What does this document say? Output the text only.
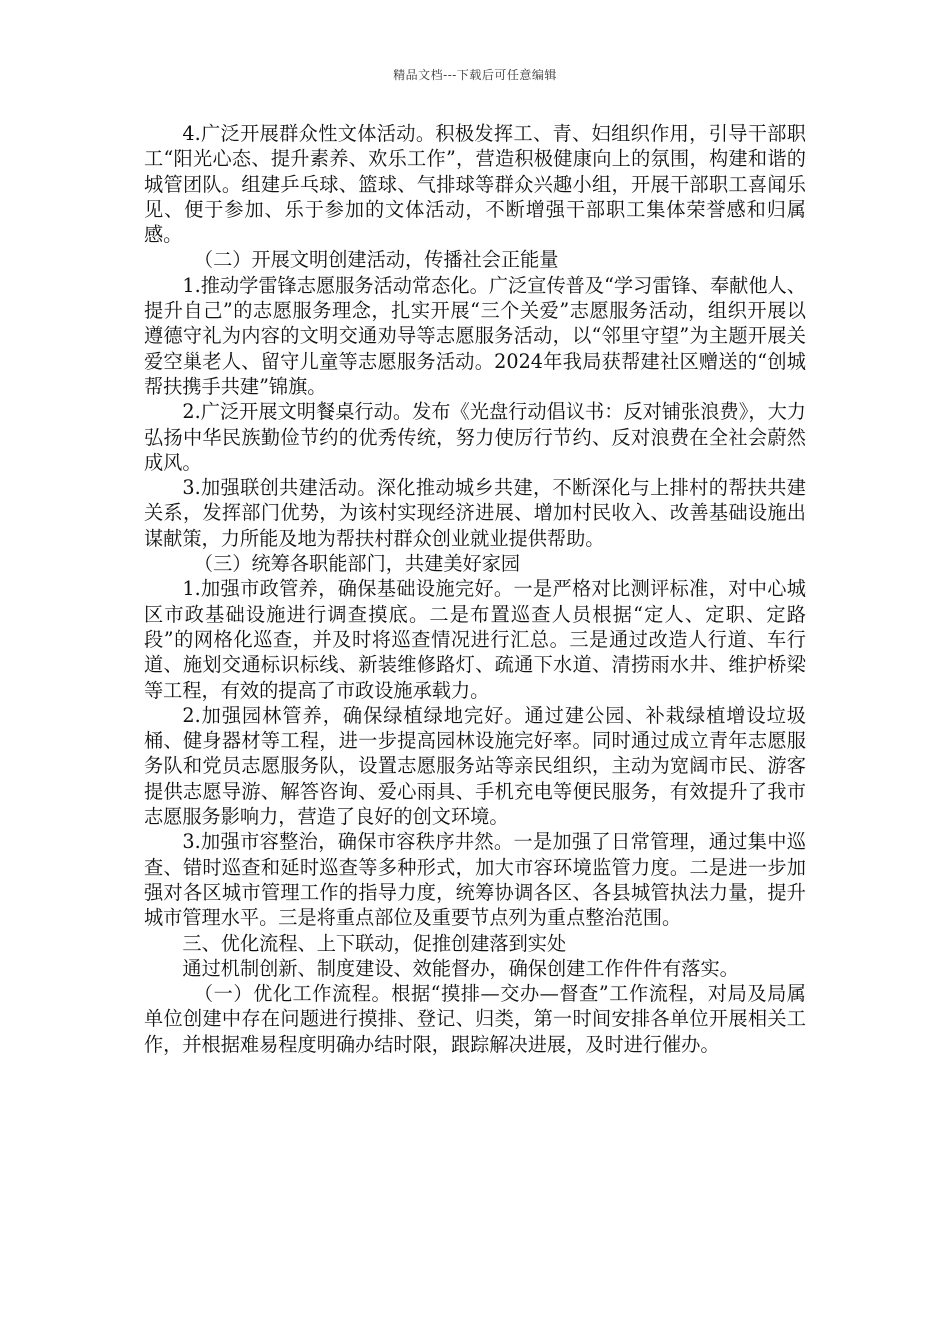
精品文档---下载后可任意编辑

4.广泛开展群众性文体活动。积极发挥工、青、妇组织作用，引导干部职工“阳光心态、提升素养、欢乐工作”，营造积极健康向上的氛围，构建和谐的城管团队。组建乒乓球、篮球、气排球等群众兴趣小组，开展干部职工喜闻乐见、便于参加、乐于参加的文体活动，不断增强干部职工集体荣誉感和归属感。

（二）开展文明创建活动，传播社会正能量

1.推动学雷锋志愿服务活动常态化。广泛宣传普及“学习雷锋、奉献他人、提升自己”的志愿服务理念，扎实开展“三个关爱”志愿服务活动，组织开展以遵德守礼为内容的文明交通劝导等志愿服务活动，以“邻里守望”为主题开展关爱空巢老人、留守儿童等志愿服务活动。2024年我局获帮建社区赠送的“创城帮扶携手共建”锦旗。

2.广泛开展文明餐桌行动。发布《光盘行动倡议书：反对铺张浪费》，大力弘扬中华民族勤俭节约的优秀传统，努力使厉行节约、反对浪费在全社会蔚然成风。

3.加强联创共建活动。深化推动城乡共建，不断深化与上排村的帮扶共建关系，发挥部门优势，为该村实现经济进展、增加村民收入、改善基础设施出谋献策，力所能及地为帮扶村群众创业就业提供帮助。

（三）统筹各职能部门，共建美好家园

1.加强市政管养，确保基础设施完好。一是严格对比测评标准，对中心城区市政基础设施进行调查摸底。二是布置巡查人员根据“定人、定职、定路段”的网格化巡查，并及时将巡查情况进行汇总。三是通过改造人行道、车行道、施划交通标识标线、新装维修路灯、疏通下水道、清捞雨水井、维护桥梁等工程，有效的提高了市政设施承载力。

2.加强园林管养，确保绿植绿地完好。通过建公园、补栽绿植增设垃圾桶、健身器材等工程，进一步提高园林设施完好率。同时通过成立青年志愿服务队和党员志愿服务队，设置志愿服务站等亲民组织，主动为宽阔市民、游客提供志愿导游、解答咨询、爱心雨具、手机充电等便民服务，有效提升了我市志愿服务影响力，营造了良好的创文环境。

3.加强市容整治，确保市容秩序井然。一是加强了日常管理，通过集中巡查、错时巡查和延时巡查等多种形式，加大市容环境监管力度。二是进一步加强对各区城市管理工作的指导力度，统筹协调各区、各县城管执法力量，提升城市管理水平。三是将重点部位及重要节点列为重点整治范围。

三、优化流程、上下联动，促推创建落到实处

通过机制创新、制度建设、效能督办，确保创建工作件件有落实。

（一）优化工作流程。根据“摸排—交办—督查”工作流程，对局及局属单位创建中存在问题进行摸排、登记、归类，第一时间安排各单位开展相关工作，并根据难易程度明确办结时限，跟踪解决进展，及时进行催办。
